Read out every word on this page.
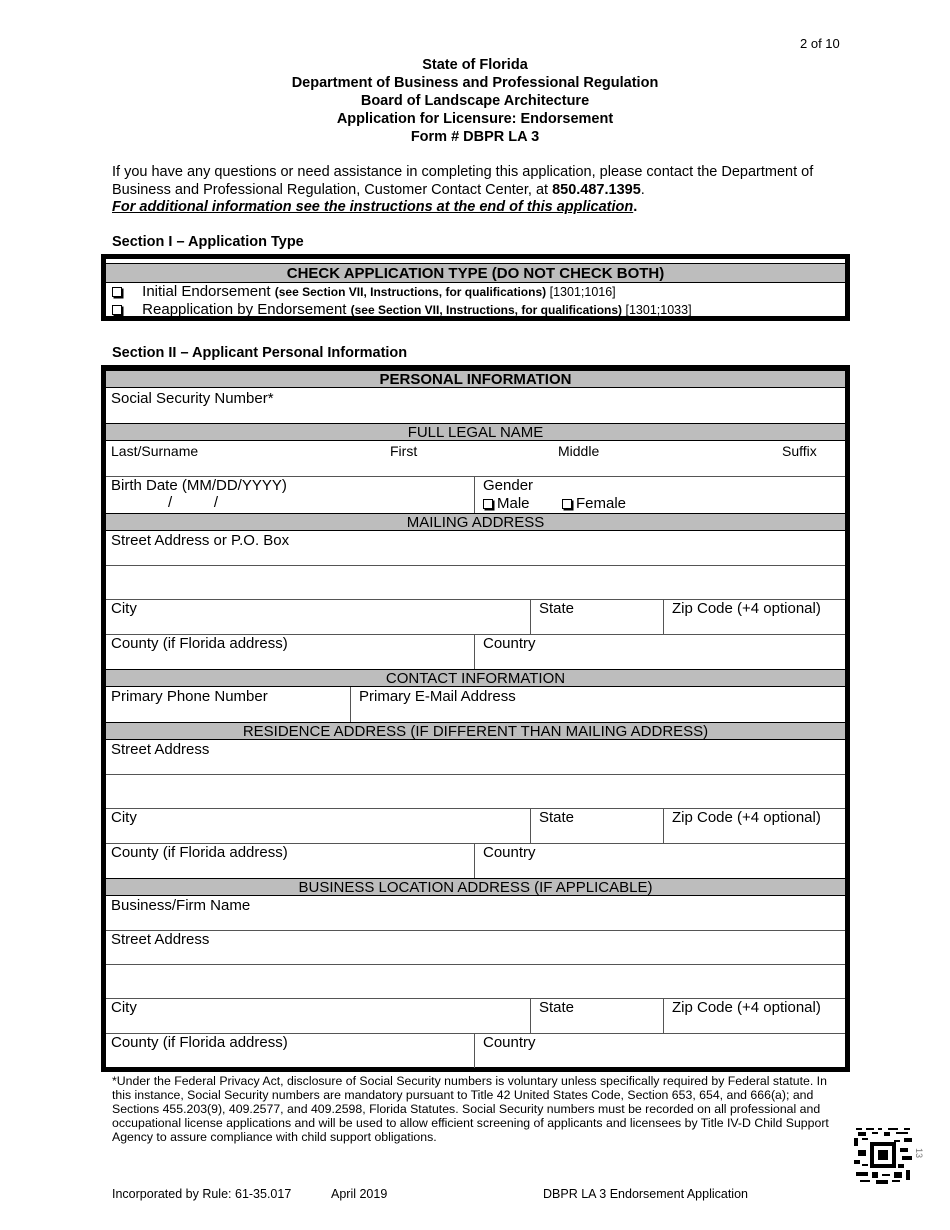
2 of 10
State of Florida
Department of Business and Professional Regulation
Board of Landscape Architecture
Application for Licensure: Endorsement
Form # DBPR LA 3
If you have any questions or need assistance in completing this application, please contact the Department of Business and Professional Regulation, Customer Contact Center, at 850.487.1395.
For additional information see the instructions at the end of this application.
Section I – Application Type
CHECK APPLICATION TYPE (DO NOT CHECK BOTH)
Initial Endorsement (see Section VII, Instructions, for qualifications) [1301;1016]
Reapplication by Endorsement (see Section VII, Instructions, for qualifications) [1301;1033]
Section II – Applicant Personal Information
PERSONAL INFORMATION
Social Security Number*
FULL LEGAL NAME
Last/Surname	First	Middle	Suffix
Birth Date (MM/DD/YYYY)
/          /
Gender
Male	Female
MAILING ADDRESS
Street Address or P.O. Box
City	State	Zip Code (+4 optional)
County (if Florida address)	Country
CONTACT INFORMATION
Primary Phone Number	Primary E-Mail Address
RESIDENCE ADDRESS (IF DIFFERENT THAN MAILING ADDRESS)
Street Address
City	State	Zip Code (+4 optional)
County (if Florida address)	Country
BUSINESS LOCATION ADDRESS (IF APPLICABLE)
Business/Firm Name
Street Address
City	State	Zip Code (+4 optional)
County (if Florida address)	Country
*Under the Federal Privacy Act, disclosure of Social Security numbers is voluntary unless specifically required by Federal statute. In this instance, Social Security numbers are mandatory pursuant to Title 42 United States Code, Section 653, 654, and 666(a); and Sections 455.203(9), 409.2577, and 409.2598, Florida Statutes. Social Security numbers must be recorded on all professional and occupational license applications and will be used to allow efficient screening of applicants and licensees by Title IV-D Child Support Agency to assure compliance with child support obligations.
13
Incorporated by Rule: 61-35.017	April 2019	DBPR LA 3 Endorsement Application
